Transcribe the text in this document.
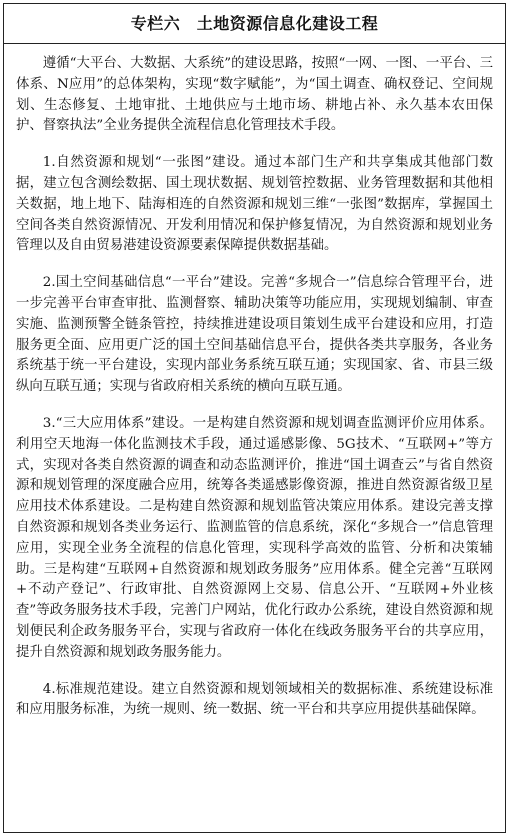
专栏六　土地资源信息化建设工程

遵循“大平台、大数据、大系统”的建设思路，按照“一网、一图、一平台、三体系、N应用”的总体架构，实现“数字赋能”，为“国土调查、确权登记、空间规划、生态修复、土地审批、土地供应与土地市场、耕地占补、永久基本农田保护、督察执法”全业务提供全流程信息化管理技术手段。

1.自然资源和规划“一张图”建设。通过本部门生产和共享集成其他部门数据，建立包含测绘数据、国土现状数据、规划管控数据、业务管理数据和其他相关数据，地上地下、陆海相连的自然资源和规划三维“一张图”数据库，掌握国土空间各类自然资源情况、开发利用情况和保护修复情况，为自然资源和规划业务管理以及自由贸易港建设资源要素保障提供数据基础。

2.国土空间基础信息“一平台”建设。完善“多规合一”信息综合管理平台，进一步完善平台审查审批、监测督察、辅助决策等功能应用，实现规划编制、审查实施、监测预警全链条管控，持续推进建设项目策划生成平台建设和应用，打造服务更全面、应用更广泛的国土空间基础信息平台，提供各类共享服务，各业务系统基于统一平台建设，实现内部业务系统互联互通；实现国家、省、市县三级纵向互联互通；实现与省政府相关系统的横向互联互通。

3.“三大应用体系”建设。一是构建自然资源和规划调查监测评价应用体系。利用空天地海一体化监测技术手段，通过遥感影像、5G技术、“互联网+”等方式，实现对各类自然资源的调查和动态监测评价，推进“国土调查云”与省自然资源和规划管理的深度融合应用，统筹各类遥感影像资源，推进自然资源省级卫星应用技术体系建设。二是构建自然资源和规划监管决策应用体系。建设完善支撑自然资源和规划各类业务运行、监测监管的信息系统，深化“多规合一”信息管理应用，实现全业务全流程的信息化管理，实现科学高效的监管、分析和决策辅助。三是构建“互联网+自然资源和规划政务服务”应用体系。健全完善“互联网+不动产登记”、行政审批、自然资源网上交易、信息公开、“互联网+外业核查”等政务服务技术手段，完善门户网站，优化行政办公系统，建设自然资源和规划便民利企政务服务平台，实现与省政府一体化在线政务服务平台的共享应用，提升自然资源和规划政务服务能力。

4.标准规范建设。建立自然资源和规划领域相关的数据标准、系统建设标准和应用服务标准，为统一规则、统一数据、统一平台和共享应用提供基础保障。
